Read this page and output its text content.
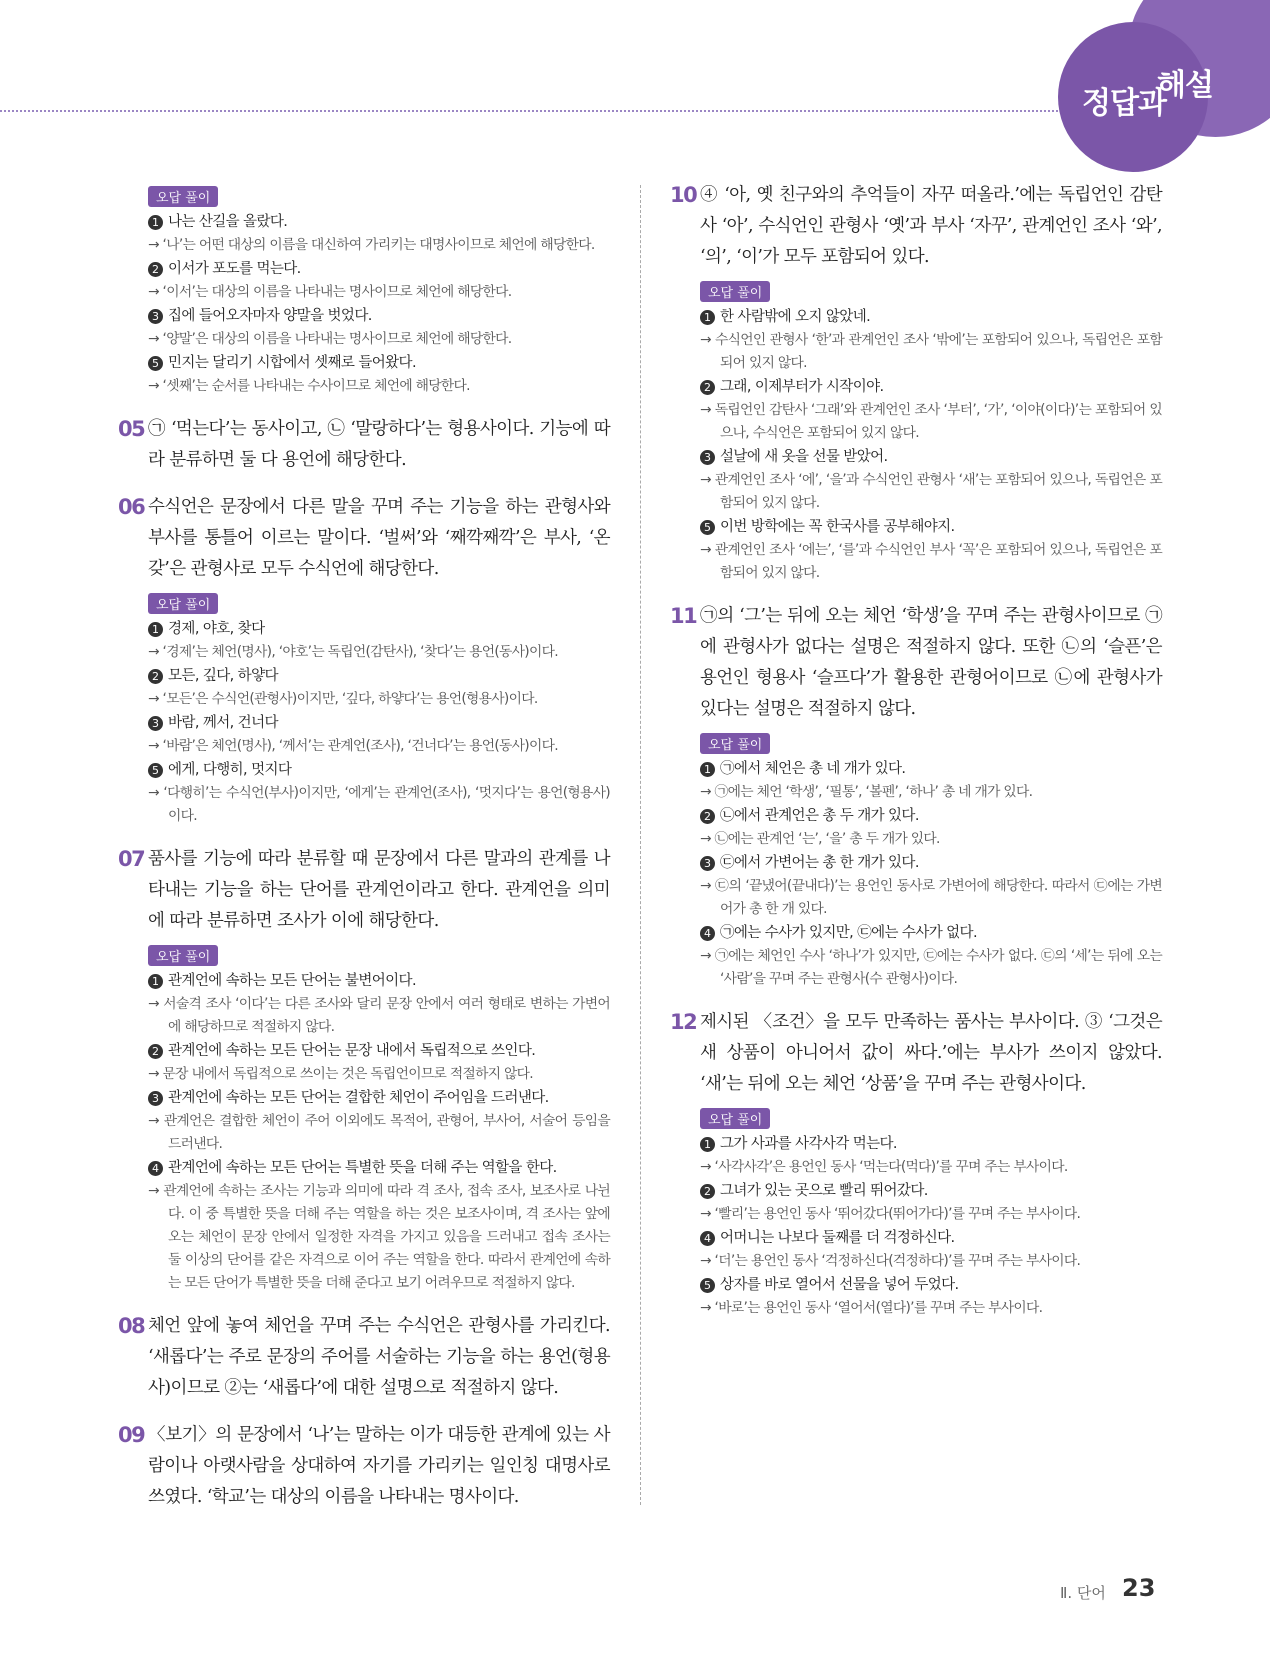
정답과
해설
오답 풀이
1 나는 산길을 올랐다.
→ ‘나’는 어떤 대상의 이름을 대신하여 가리키는 대명사이므로 체언에 해당한다.
2 이서가 포도를 먹는다.
→ ‘이서’는 대상의 이름을 나타내는 명사이므로 체언에 해당한다.
3 집에 들어오자마자 양말을 벗었다.
→ ‘양말’은 대상의 이름을 나타내는 명사이므로 체언에 해당한다.
5 민지는 달리기 시합에서 셋째로 들어왔다.
→ ‘셋째’는 순서를 나타내는 수사이므로 체언에 해당한다.
05 ㉠ ‘먹는다’는 동사이고, ㉡ ‘말랑하다’는 형용사이다. 기능에 따라 분류하면 둘 다 용언에 해당한다.
06 수식언은 문장에서 다른 말을 꾸며 주는 기능을 하는 관형사와 부사를 통틀어 이르는 말이다. ‘벌써’와 ‘째깍째깍’은 부사, ‘온갖’은 관형사로 모두 수식언에 해당한다.
오답 풀이
1 경제, 야호, 찾다
→ ‘경제’는 체언(명사), ‘야호’는 독립언(감탄사), ‘찾다’는 용언(동사)이다.
2 모든, 깊다, 하얗다
→ ‘모든’은 수식언(관형사)이지만, ‘깊다, 하얗다’는 용언(형용사)이다.
3 바람, 께서, 건너다
→ ‘바람’은 체언(명사), ‘께서’는 관계언(조사), ‘건너다’는 용언(동사)이다.
5 에게, 다행히, 멋지다
→ ‘다행히’는 수식언(부사)이지만, ‘에게’는 관계언(조사), ‘멋지다’는 용언(형용사)이다.
07 품사를 기능에 따라 분류할 때 문장에서 다른 말과의 관계를 나타내는 기능을 하는 단어를 관계언이라고 한다. 관계언을 의미에 따라 분류하면 조사가 이에 해당한다.
오답 풀이
1 관계언에 속하는 모든 단어는 불변어이다.
→ 서술격 조사 ‘이다’는 다른 조사와 달리 문장 안에서 여러 형태로 변하는 가변어에 해당하므로 적절하지 않다.
2 관계언에 속하는 모든 단어는 문장 내에서 독립적으로 쓰인다.
→ 문장 내에서 독립적으로 쓰이는 것은 독립언이므로 적절하지 않다.
3 관계언에 속하는 모든 단어는 결합한 체언이 주어임을 드러낸다.
→ 관계언은 결합한 체언이 주어 이외에도 목적어, 관형어, 부사어, 서술어 등임을 드러낸다.
4 관계언에 속하는 모든 단어는 특별한 뜻을 더해 주는 역할을 한다.
→ 관계언에 속하는 조사는 기능과 의미에 따라 격 조사, 접속 조사, 보조사로 나뉜다. 이 중 특별한 뜻을 더해 주는 역할을 하는 것은 보조사이며, 격 조사는 앞에 오는 체언이 문장 안에서 일정한 자격을 가지고 있음을 드러내고 접속 조사는 둘 이상의 단어를 같은 자격으로 이어 주는 역할을 한다. 따라서 관계언에 속하는 모든 단어가 특별한 뜻을 더해 준다고 보기 어려우므로 적절하지 않다.
08 체언 앞에 놓여 체언을 꾸며 주는 수식언은 관형사를 가리킨다. ‘새롭다’는 주로 문장의 주어를 서술하는 기능을 하는 용언(형용사)이므로 ②는 ‘새롭다’에 대한 설명으로 적절하지 않다.
09 〈보기〉의 문장에서 ‘나’는 말하는 이가 대등한 관계에 있는 사람이나 아랫사람을 상대하여 자기를 가리키는 일인칭 대명사로 쓰였다. ‘학교’는 대상의 이름을 나타내는 명사이다.
10 ④ ‘아, 옛 친구와의 추억들이 자꾸 떠올라.’에는 독립언인 감탄사 ‘아’, 수식언인 관형사 ‘옛’과 부사 ‘자꾸’, 관계언인 조사 ‘와’, ‘의’, ‘이’가 모두 포함되어 있다.
오답 풀이
1 한 사람밖에 오지 않았네.
→ 수식언인 관형사 ‘한’과 관계언인 조사 ‘밖에’는 포함되어 있으나, 독립언은 포함되어 있지 않다.
2 그래, 이제부터가 시작이야.
→ 독립언인 감탄사 ‘그래’와 관계언인 조사 ‘부터’, ‘가’, ‘이야(이다)’는 포함되어 있으나, 수식언은 포함되어 있지 않다.
3 설날에 새 옷을 선물 받았어.
→ 관계언인 조사 ‘에’, ‘을’과 수식언인 관형사 ‘새’는 포함되어 있으나, 독립언은 포함되어 있지 않다.
5 이번 방학에는 꼭 한국사를 공부해야지.
→ 관계언인 조사 ‘에는’, ‘를’과 수식언인 부사 ‘꼭’은 포함되어 있으나, 독립언은 포함되어 있지 않다.
11 ㉠의 ‘그’는 뒤에 오는 체언 ‘학생’을 꾸며 주는 관형사이므로 ㉠에 관형사가 없다는 설명은 적절하지 않다. 또한 ㉡의 ‘슬픈’은 용언인 형용사 ‘슬프다’가 활용한 관형어이므로 ㉡에 관형사가 있다는 설명은 적절하지 않다.
오답 풀이
1 ㉠에서 체언은 총 네 개가 있다.
→ ㉠에는 체언 ‘학생’, ‘필통’, ‘볼펜’, ‘하나’ 총 네 개가 있다.
2 ㉡에서 관계언은 총 두 개가 있다.
→ ㉡에는 관계언 ‘는’, ‘을’ 총 두 개가 있다.
3 ㉢에서 가변어는 총 한 개가 있다.
→ ㉢의 ‘끝냈어(끝내다)’는 용언인 동사로 가변어에 해당한다. 따라서 ㉢에는 가변어가 총 한 개 있다.
4 ㉠에는 수사가 있지만, ㉢에는 수사가 없다.
→ ㉠에는 체언인 수사 ‘하나’가 있지만, ㉢에는 수사가 없다. ㉢의 ‘세’는 뒤에 오는 ‘사람’을 꾸며 주는 관형사(수 관형사)이다.
12 제시된 〈조건〉을 모두 만족하는 품사는 부사이다. ③ ‘그것은 새 상품이 아니어서 값이 싸다.’에는 부사가 쓰이지 않았다. ‘새’는 뒤에 오는 체언 ‘상품’을 꾸며 주는 관형사이다.
오답 풀이
1 그가 사과를 사각사각 먹는다.
→ ‘사각사각’은 용언인 동사 ‘먹는다(먹다)’를 꾸며 주는 부사이다.
2 그녀가 있는 곳으로 빨리 뛰어갔다.
→ ‘빨리’는 용언인 동사 ‘뛰어갔다(뛰어가다)’를 꾸며 주는 부사이다.
4 어머니는 나보다 둘째를 더 걱정하신다.
→ ‘더’는 용언인 동사 ‘걱정하신다(걱정하다)’를 꾸며 주는 부사이다.
5 상자를 바로 열어서 선물을 넣어 두었다.
→ ‘바로’는 용언인 동사 ‘열어서(열다)’를 꾸며 주는 부사이다.
Ⅱ. 단어 23
